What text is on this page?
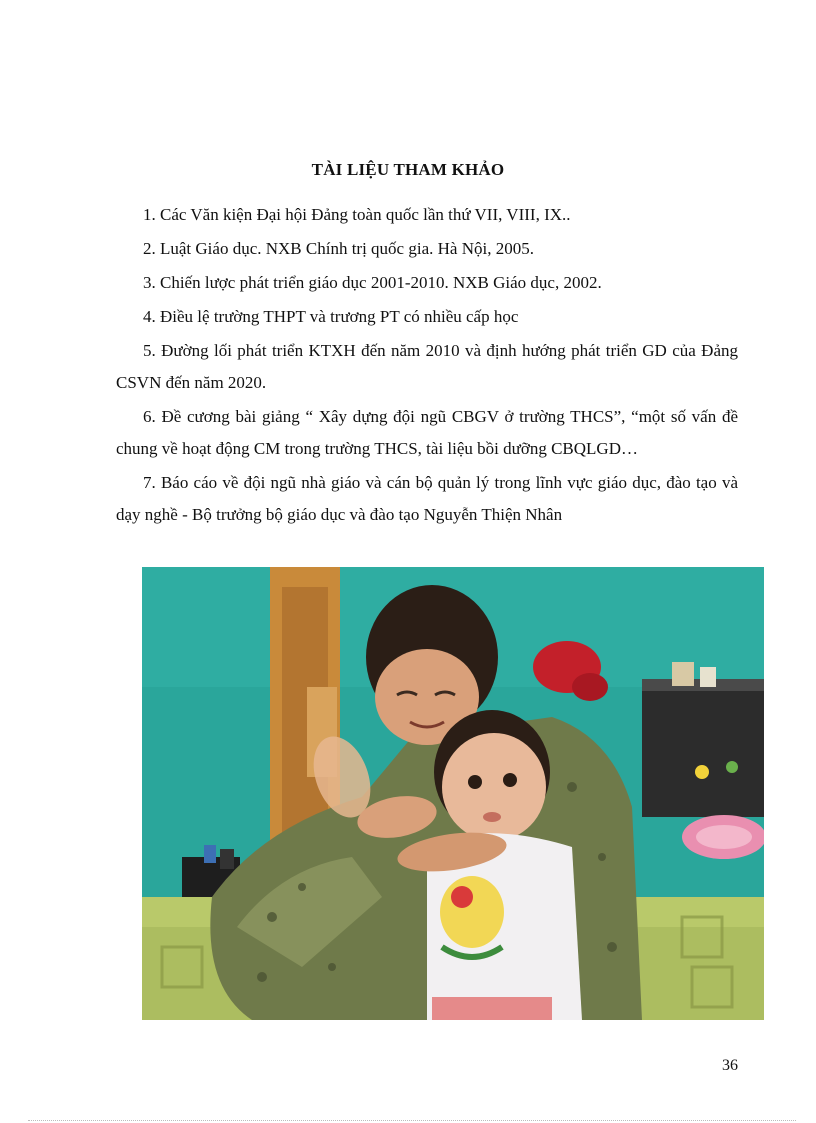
TÀI LIỆU THAM KHẢO

1. Các Văn kiện Đại hội Đảng toàn quốc lần thứ VII, VIII, IX..

2. Luật Giáo dục. NXB Chính trị quốc gia. Hà Nội, 2005.

3. Chiến lược phát triển giáo dục 2001-2010. NXB Giáo dục, 2002.

4. Điều lệ trường THPT và trương PT có nhiều cấp học

5. Đường lối phát triển KTXH đến năm 2010 và định hướng phát triển GD của Đảng CSVN đến năm 2020.

6. Đề cương bài giảng “ Xây dựng đội ngũ CBGV ở trường THCS”, “một số vấn đề chung về hoạt động CM trong trường THCS, tài liệu bồi dưỡng CBQLGD…

7. Báo cáo về đội ngũ nhà giáo và cán bộ quản lý trong lĩnh vực giáo dục, đào tạo và dạy nghề - Bộ trưởng bộ giáo dục và đào tạo Nguyễn Thiện Nhân

36
